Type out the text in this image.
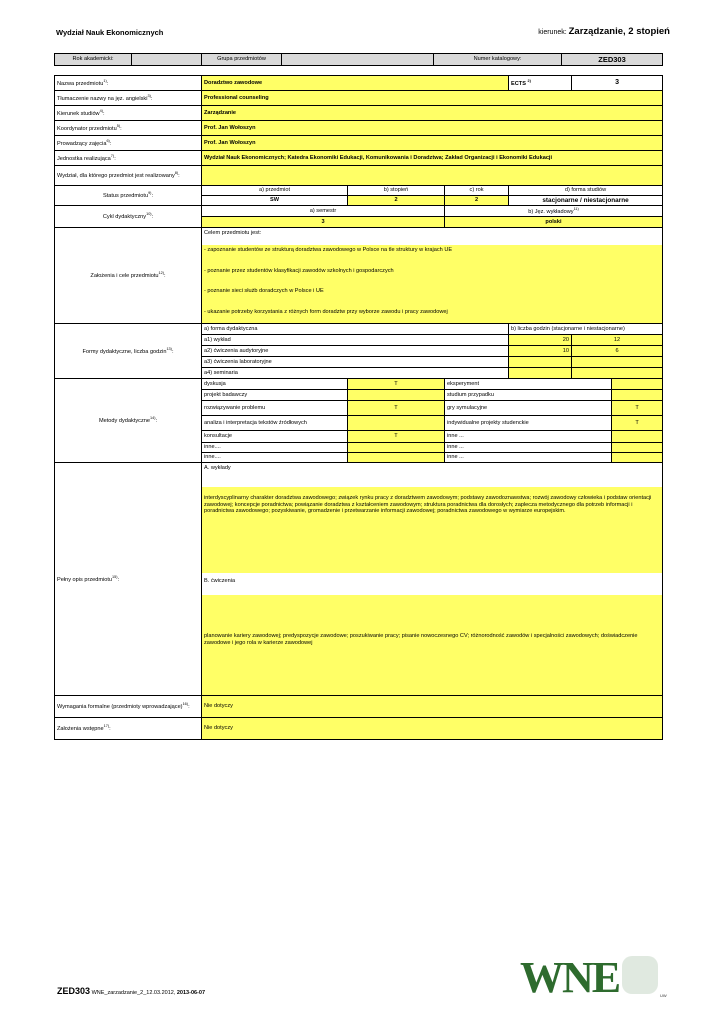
Wydział Nauk Ekonomicznych	kierunek: Zarządzanie, 2 stopień
Rok akademicki:		Grupa przedmiotów		Numer katalogowy:	ZED303
Nazwa przedmiotu$^{1)}$:	Doradztwo zawodowe			ECTS $^{2)}$	3	
Tłumaczenie nazwy na jęz. angielski$^{3)}$:	Professional counseling					
Kierunek studiów$^{4)}$:	Zarządzanie					
Koordynator przedmiotu$^{5)}$:	Prof. Jan Wołoszyn					
Prowadzący zajęcia$^{6)}$:	Prof. Jan Wołoszyn					
Jednostka realizująca$^{7)}$:	Wydział Nauk Ekonomicznych; Katedra Ekonomiki Edukacji, Komunikowania i Doradztwa; Zakład Organizacji i Ekonomiki Edukacji					
Wydział, dla którego przedmiot jest realizowany$^{8)}$:						
Status przedmiotu$^{9)}$:	a) przedmiot	b) stopień	c) rok	d) forma studiów		
	SW	2	2	stacjonarne / niestacjonarne		
Cykl dydaktyczny$^{10)}$:	a) semestr		b) Jęz. wykładowy$^{11)}$
	3		polski			
Założenia i cele przedmiotu$^{12)}$:	Celem przedmiotu jest:
- zapoznanie studentów ze strukturą doradztwa zawodowego w Polsce na tle struktury w krajach UE
- poznanie przez studentów klasyfikacji zawodów szkolnych i gospodarczych
- poznanie sieci służb doradczych w Polsce i UE
- ukazanie potrzeby korzystania z różnych form doradztw przy wyborze zawodu i pracy zawodowej					

Formy dydaktyczne, liczba godzin$^{13)}$:	a) forma dydaktyczna			b) liczba godzin (stacjonarne i niestacjonarne)		
	a1) wykład			20	12	
	a2) ćwiczenia audytoryjne			10	6	
	a3) ćwiczenia laboratoryjne					
	a4) seminaria					
Metody dydaktyczne$^{14)}$:	dyskusja	T	eksperyment			
	projekt badawczy		studium przypadku			
	rozwiązywanie problemu	T	gry symulacyjne			T
	analiza i interpretacja tekstów źródłowych		indywidualne projekty studenckie			T
	konsultacje	T	inne ...			
	inne....		inne ...			
	inne....		inne ...			
Pełny opis przedmiotu$^{15)}$:	A. wykłady
interdyscyplinarny charakter doradztwa zawodowego; związek rynku pracy z doradztwem zawodowym; podstawy zawodoznawstwa; rozwój zawodowy człowieka i podstaw orientacji zawodowej; koncepcje poradnictwa; powiązanie doradztwa z kształceniem zawodowym; struktura poradnictwa dla dorosłych; zaplecza metodycznego dla potrzeb informacji i poradnictwa zawodowego; pozyskiwanie, gromadzenie i przetwarzanie informacji zawodowej; poradnictwa zawodowego w wymiarze europejskim.
B. ćwiczenia
planowanie kariery zawodowej; predyspozycje zawodowe; poszukiwanie pracy; pisanie nowoczesnego CV; różnorodność zawodów i specjalności zawodowych; doświadczenie zawodowe i jego rola w karierze zawodowej					

Wymagania formalne (przedmioty wprowadzające)$^{16)}$:	Nie dotyczy					
Założenia wstępne$^{17)}$:	Nie dotyczy					
ZED303 WNE_zarzadzanie_2_12.03.2012, 2013-06-07	WNE	UW
